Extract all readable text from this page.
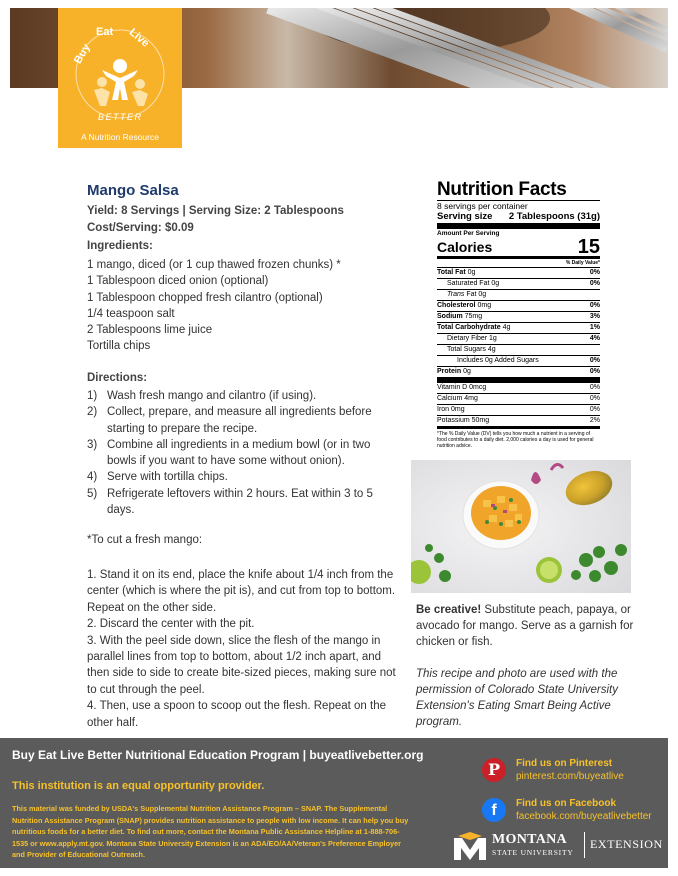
Buy
Eat Live
BETTER
A Nutrition Resource
Mango Salsa
Yield: 8 Servings | Serving Size: 2 Tablespoons
Cost/Serving: $0.09
Ingredients:
1 mango, diced (or 1 cup thawed frozen chunks) *
1 Tablespoon diced onion (optional)
1 Tablespoon chopped fresh cilantro (optional)
1/4 teaspoon salt
2 Tablespoons lime juice
Tortilla chips
Directions:
1) Wash fresh mango and cilantro (if using).
2) Collect, prepare, and measure all ingredients before starting to prepare the recipe.
3) Combine all ingredients in a medium bowl (or in two bowls if you want to have some without onion).
4) Serve with tortilla chips.
5) Refrigerate leftovers within 2 hours. Eat within 3 to 5 days.
*To cut a fresh mango:

1. Stand it on its end, place the knife about 1/4 inch from the center (which is where the pit is), and cut from top to bottom. Repeat on the other side.

2. Discard the center with the pit.

3. With the peel side down, slice the flesh of the mango in parallel lines from top to bottom, about 1/2 inch apart, and then side to side to create bite-sized pieces, making sure not to cut through the peel.

4. Then, use a spoon to scoop out the flesh. Repeat on the other half.

Nutrition Facts
8 servings per container
Serving size 2 Tablespoons (31g)
Amount Per Serving
Calories	15
% Daily Value*
Total Fat 0g	0%
Saturated Fat 0g	0%
Trans Fat 0g
Cholesterol 0mg	0%
Sodium 75mg	3%
Total Carbohydrate 4g	1%
Dietary Fiber 1g	4%
Total Sugars 4g
Includes 0g Added Sugars	0%
Protein 0g	0%
Vitamin D 0mcg	0%
Calcium 4mg	0%
Iron 0mg	0%
Potassium 50mg	2%
*The % Daily Value (DV) tells you how much a nutrient in a serving of food contributes to a daily diet. 2,000 calories a day is used for general nutrition advice.
Be creative! Substitute peach, papaya, or avocado for mango. Serve as a garnish for chicken or fish.
This recipe and photo are used with the permission of Colorado State University Extension's Eating Smart Being Active program.
Buy Eat Live Better Nutritional Education Program | buyeatlivebetter.org
This institution is an equal opportunity provider.
This material was funded by USDA's Supplemental Nutrition Assistance Program – SNAP. The Supplemental Nutrition Assistance Program (SNAP) provides nutrition assistance to people with low income. It can help you buy nutritious foods for a better diet. To find out more, contact the Montana Public Assistance Helpline at 1-888-706-1535 or www.apply.mt.gov. Montana State University Extension is an ADA/EO/AA/Veteran's Preference Employer and Provider of Educational Outreach.
P	Find us on Pinterest
pinterest.com/buyeatlive
f	Find us on Facebook
facebook.com/buyeatlivebetter
MONTANA
STATE UNIVERSITY
EXTENSION
